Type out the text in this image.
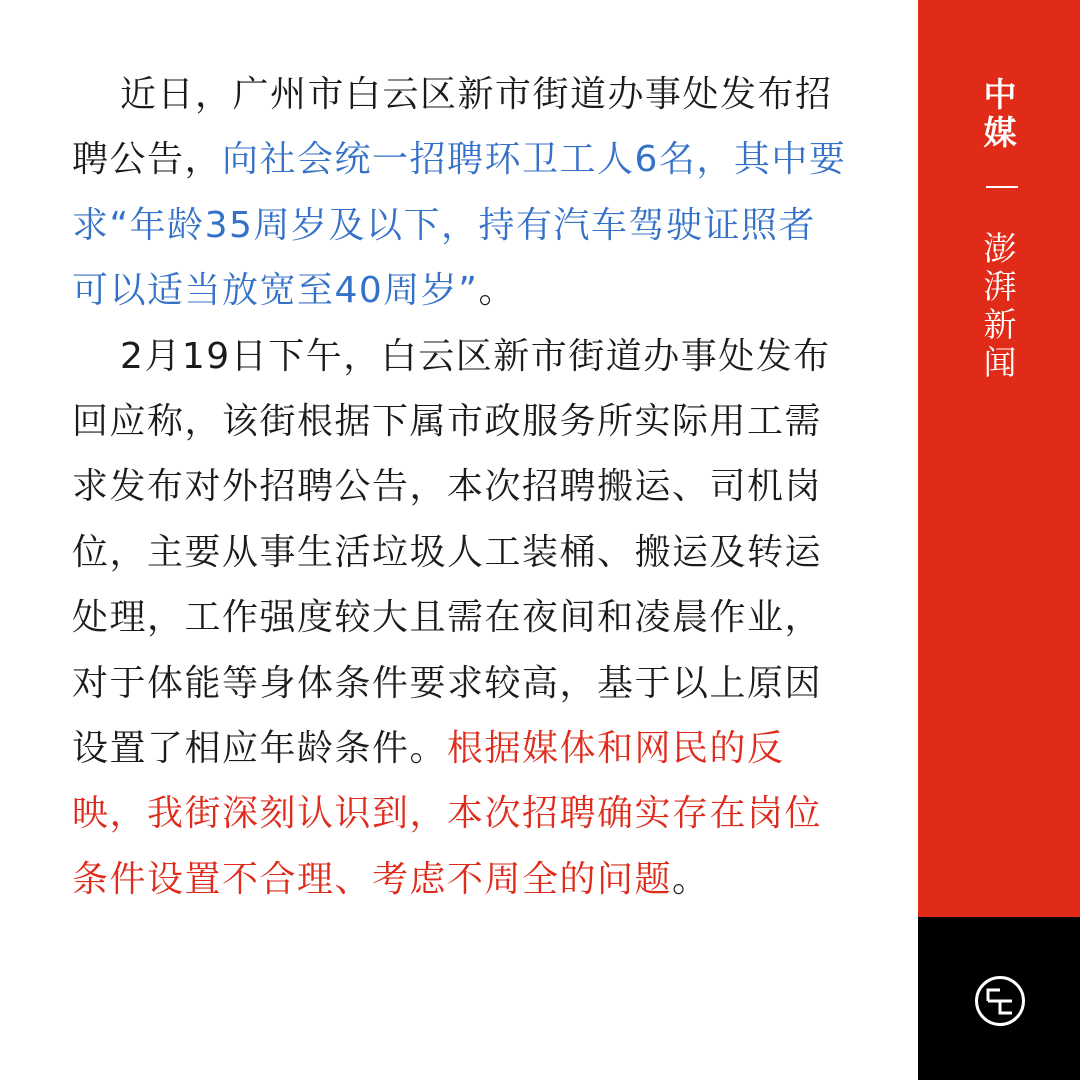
近日，广州市白云区新市街道办事处发布招聘公告，向社会统一招聘环卫工人6名，其中要求“年龄35周岁及以下，持有汽车驾驶证照者可以适当放宽至40周岁”。

2月19日下午，白云区新市街道办事处发布回应称，该街根据下属市政服务所实际用工需求发布对外招聘公告，本次招聘搬运、司机岗位，主要从事生活垃圾人工装桶、搬运及转运处理，工作强度较大且需在夜间和凌晨作业，对于体能等身体条件要求较高，基于以上原因设置了相应年龄条件。根据媒体和网民的反映，我街深刻认识到，本次招聘确实存在岗位条件设置不合理、考虑不周全的问题。

中媒
澎湃新闻
